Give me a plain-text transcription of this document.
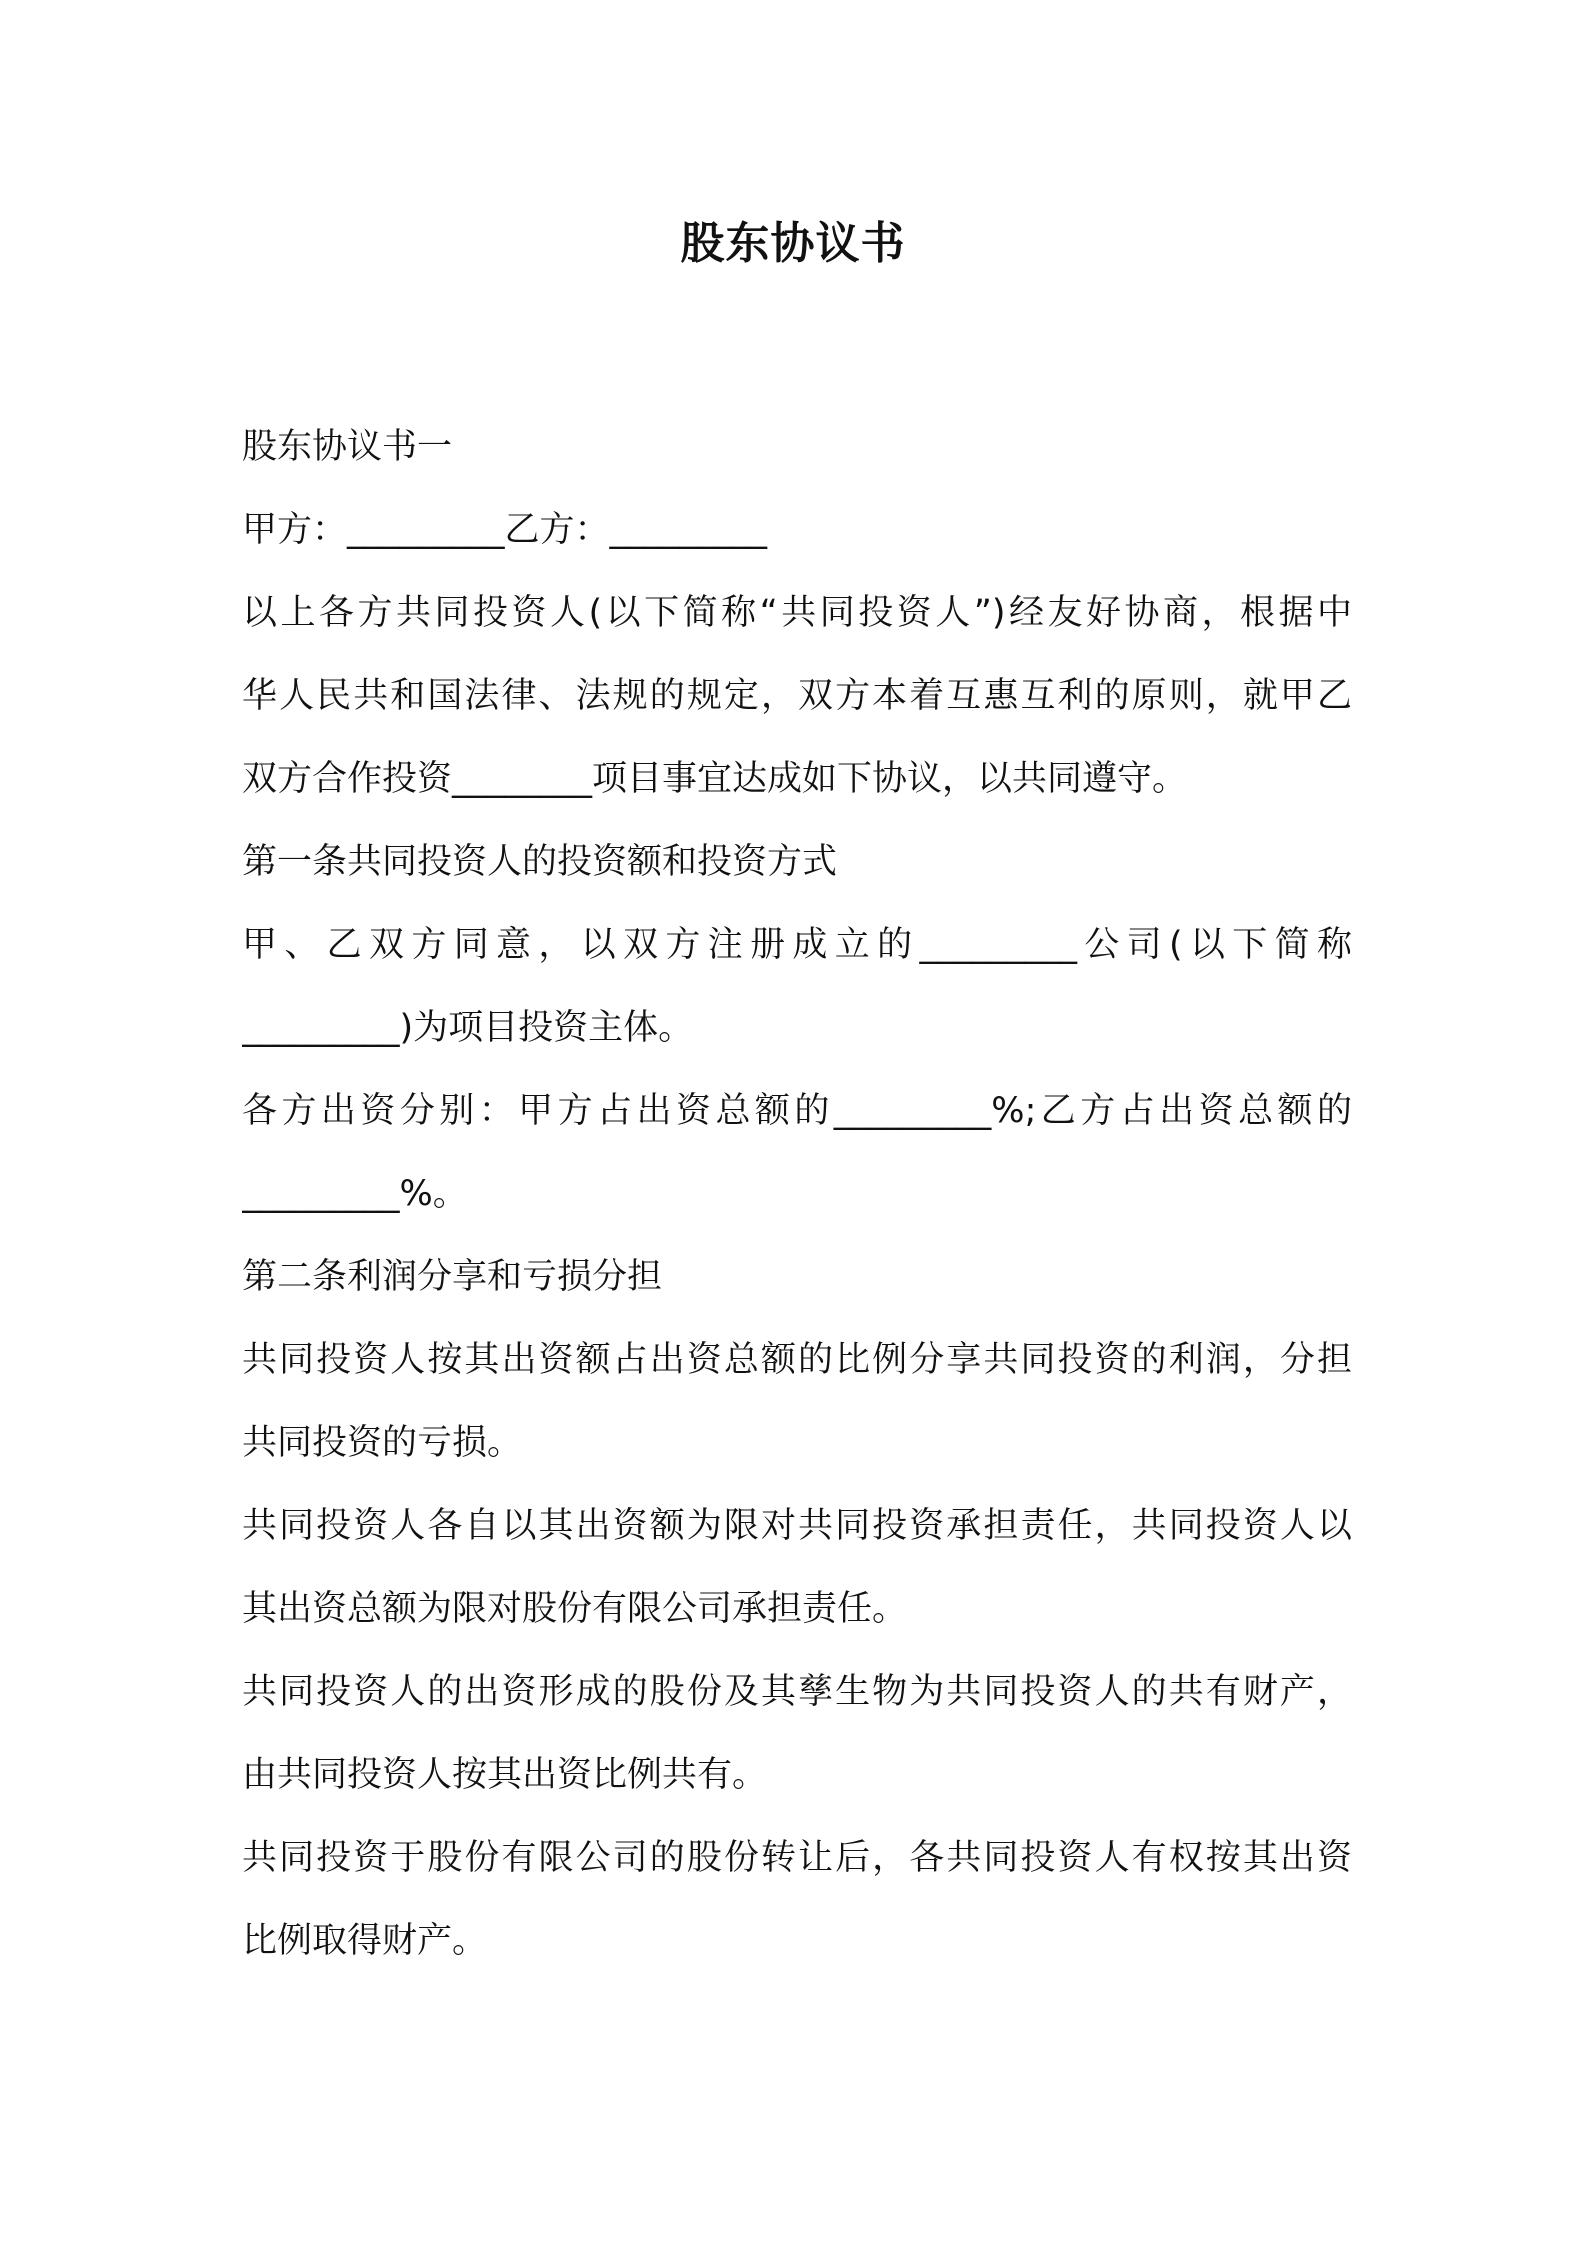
股东协议书

股东协议书一

甲方：_________乙方：_________

以上各方共同投资人(以下简称“共同投资人”)经友好协商，根据中

华人民共和国法律、法规的规定，双方本着互惠互利的原则，就甲乙

双方合作投资________项目事宜达成如下协议，以共同遵守。

第一条共同投资人的投资额和投资方式

甲、乙双方同意，以双方注册成立的_________公司(以下简称

_________)为项目投资主体。

各方出资分别：甲方占出资总额的_________%;乙方占出资总额的

_________%。

第二条利润分享和亏损分担

共同投资人按其出资额占出资总额的比例分享共同投资的利润，分担

共同投资的亏损。

共同投资人各自以其出资额为限对共同投资承担责任，共同投资人以

其出资总额为限对股份有限公司承担责任。

共同投资人的出资形成的股份及其孳生物为共同投资人的共有财产，

由共同投资人按其出资比例共有。

共同投资于股份有限公司的股份转让后，各共同投资人有权按其出资

比例取得财产。
